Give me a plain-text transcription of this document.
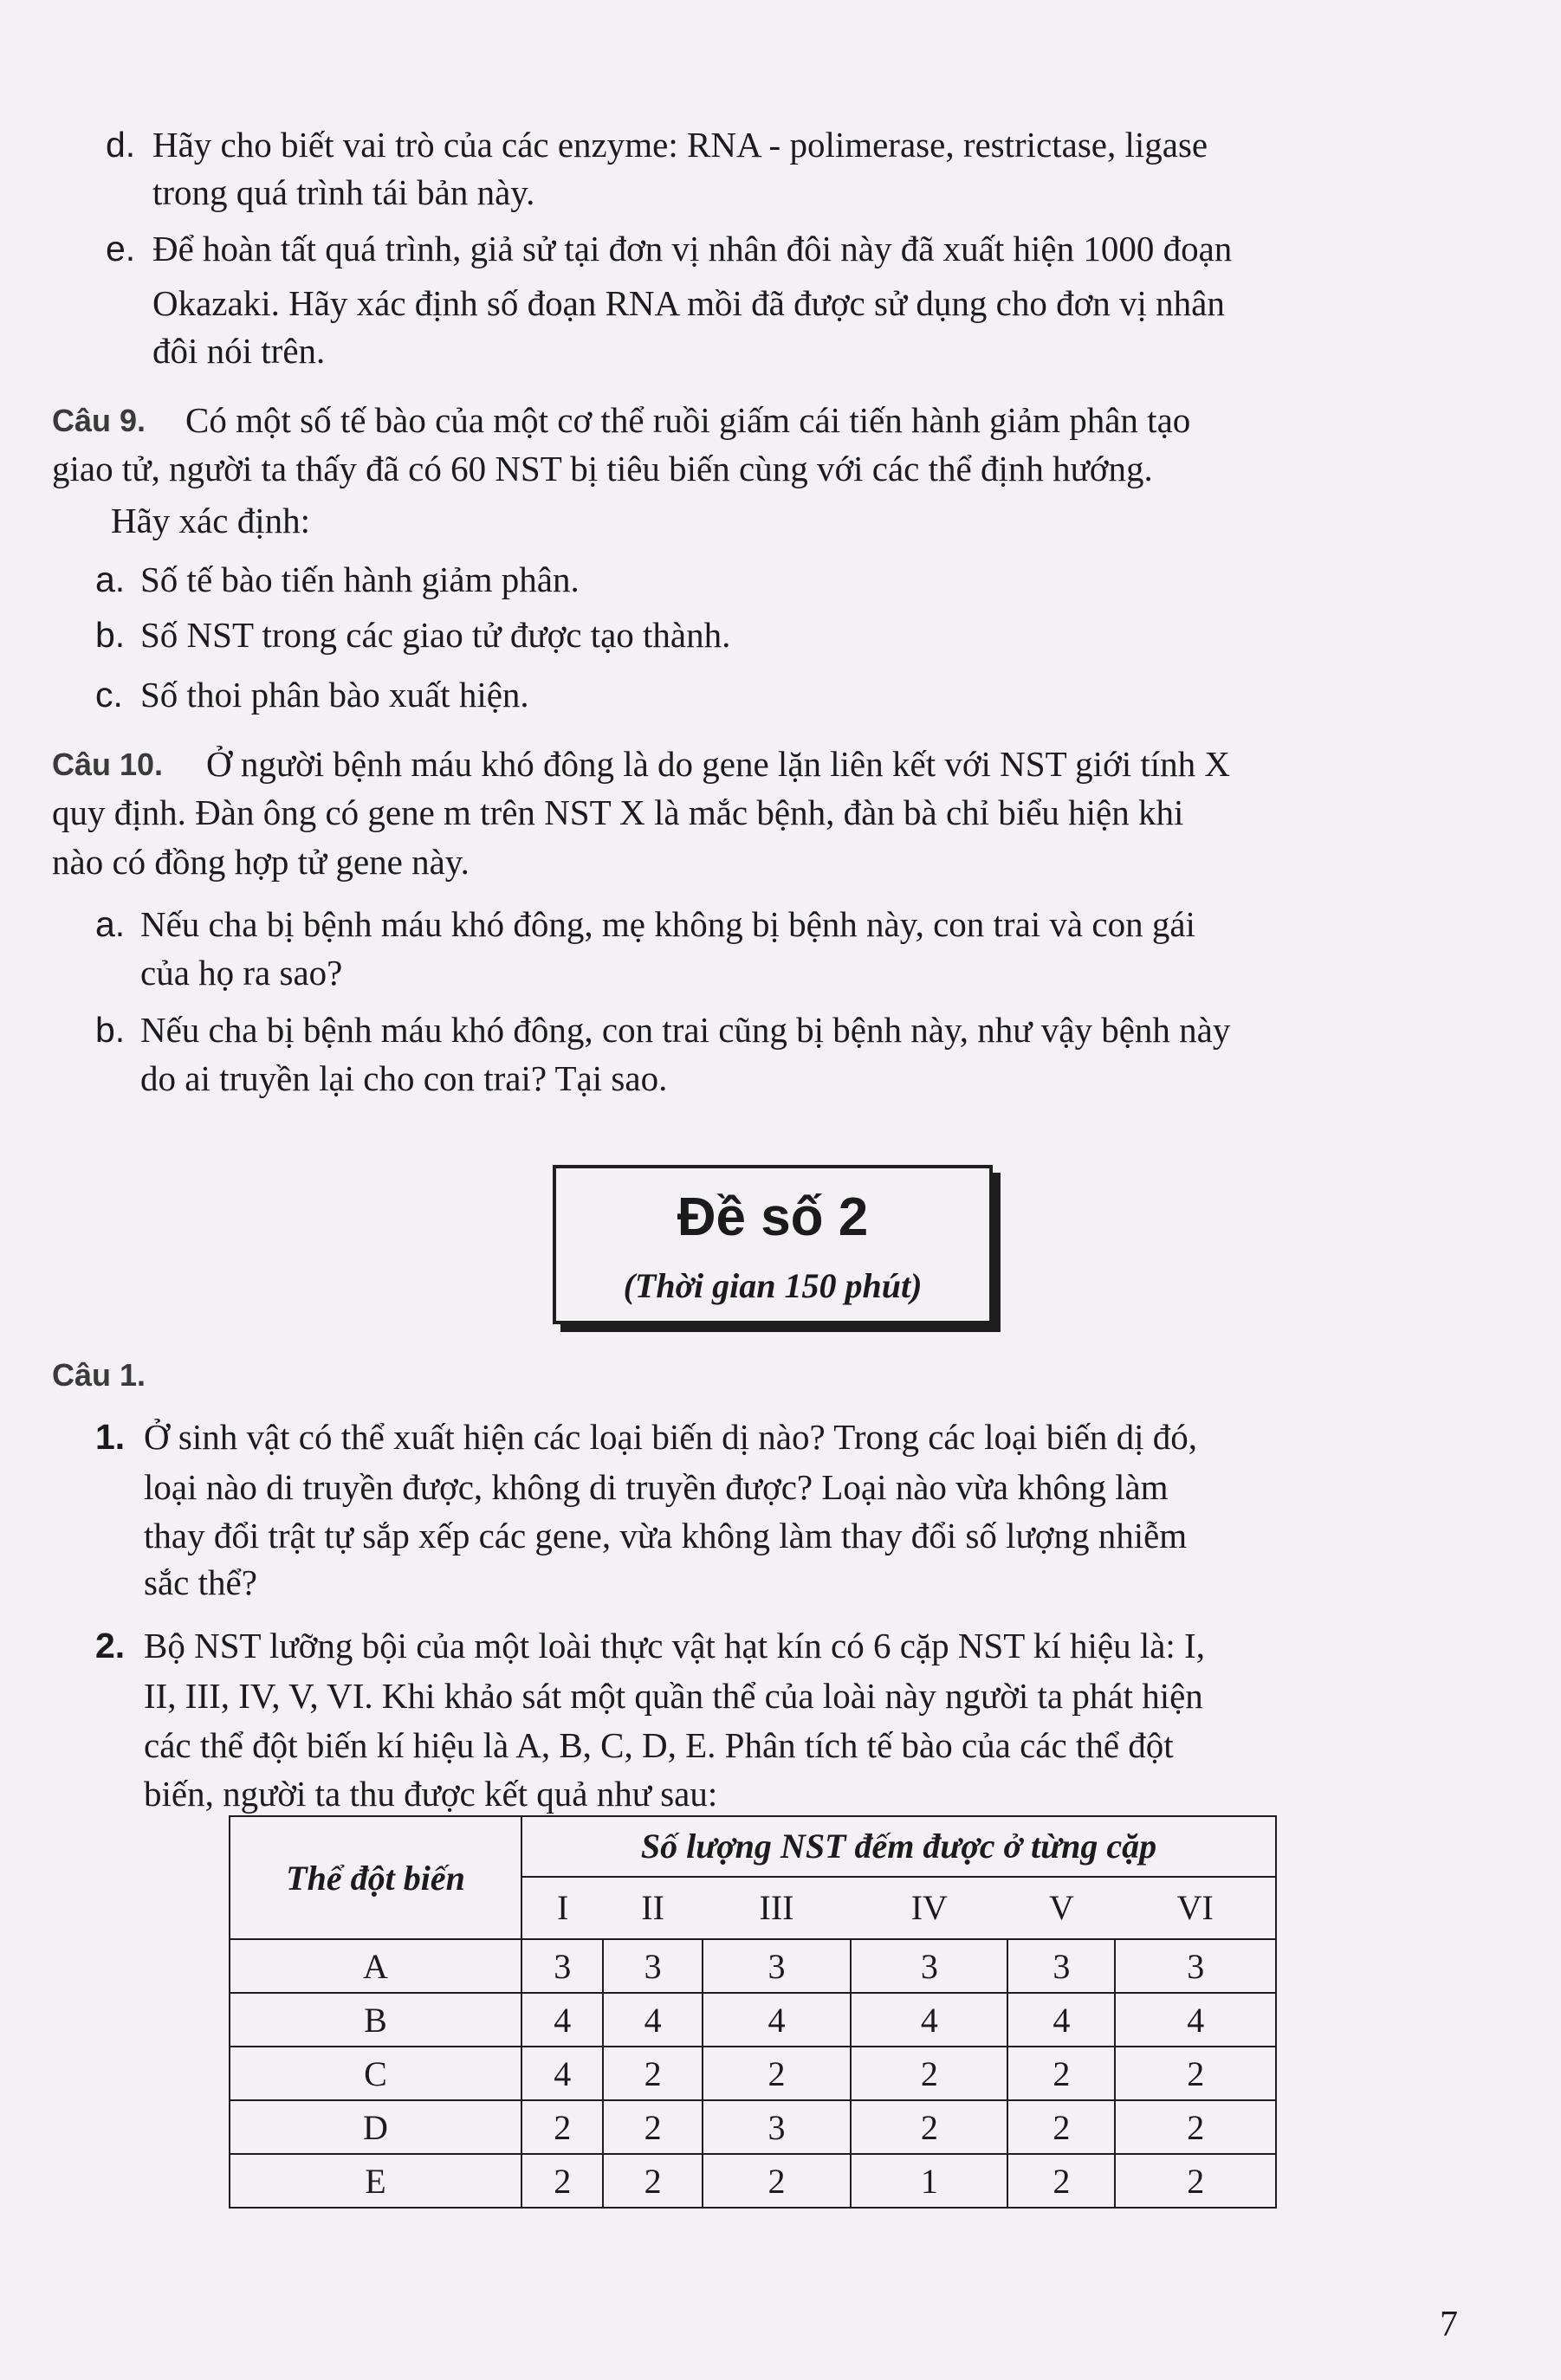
d. Hãy cho biết vai trò của các enzyme: RNA - polimerase, restrictase, ligase
trong quá trình tái bản này.
e. Để hoàn tất quá trình, giả sử tại đơn vị nhân đôi này đã xuất hiện 1000 đoạn
Okazaki. Hãy xác định số đoạn RNA mồi đã được sử dụng cho đơn vị nhân
đôi nói trên.
Câu 9. Có một số tế bào của một cơ thể ruồi giấm cái tiến hành giảm phân tạo
giao tử, người ta thấy đã có 60 NST bị tiêu biến cùng với các thể định hướng.
Hãy xác định:
a. Số tế bào tiến hành giảm phân.
b. Số NST trong các giao tử được tạo thành.
c. Số thoi phân bào xuất hiện.
Câu 10. Ở người bệnh máu khó đông là do gene lặn liên kết với NST giới tính X
quy định. Đàn ông có gene m trên NST X là mắc bệnh, đàn bà chỉ biểu hiện khi
nào có đồng hợp tử gene này.
a. Nếu cha bị bệnh máu khó đông, mẹ không bị bệnh này, con trai và con gái
của họ ra sao?
b. Nếu cha bị bệnh máu khó đông, con trai cũng bị bệnh này, như vậy bệnh này
do ai truyền lại cho con trai? Tại sao.
Đề số 2
(Thời gian 150 phút)
Câu 1.
1. Ở sinh vật có thể xuất hiện các loại biến dị nào? Trong các loại biến dị đó,
loại nào di truyền được, không di truyền được? Loại nào vừa không làm
thay đổi trật tự sắp xếp các gene, vừa không làm thay đổi số lượng nhiễm
sắc thể?
2. Bộ NST lưỡng bội của một loài thực vật hạt kín có 6 cặp NST kí hiệu là: I,
II, III, IV, V, VI. Khi khảo sát một quần thể của loài này người ta phát hiện
các thể đột biến kí hiệu là A, B, C, D, E. Phân tích tế bào của các thể đột
biến, người ta thu được kết quả như sau:
Thể đột biến	Số lượng NST đếm được ở từng cặp					
	I	II	III	IV	V	VI
A	3	3	3	3	3	3
B	4	4	4	4	4	4
C	4	2	2	2	2	2
D	2	2	3	2	2	2
E	2	2	2	1	2	2
7
